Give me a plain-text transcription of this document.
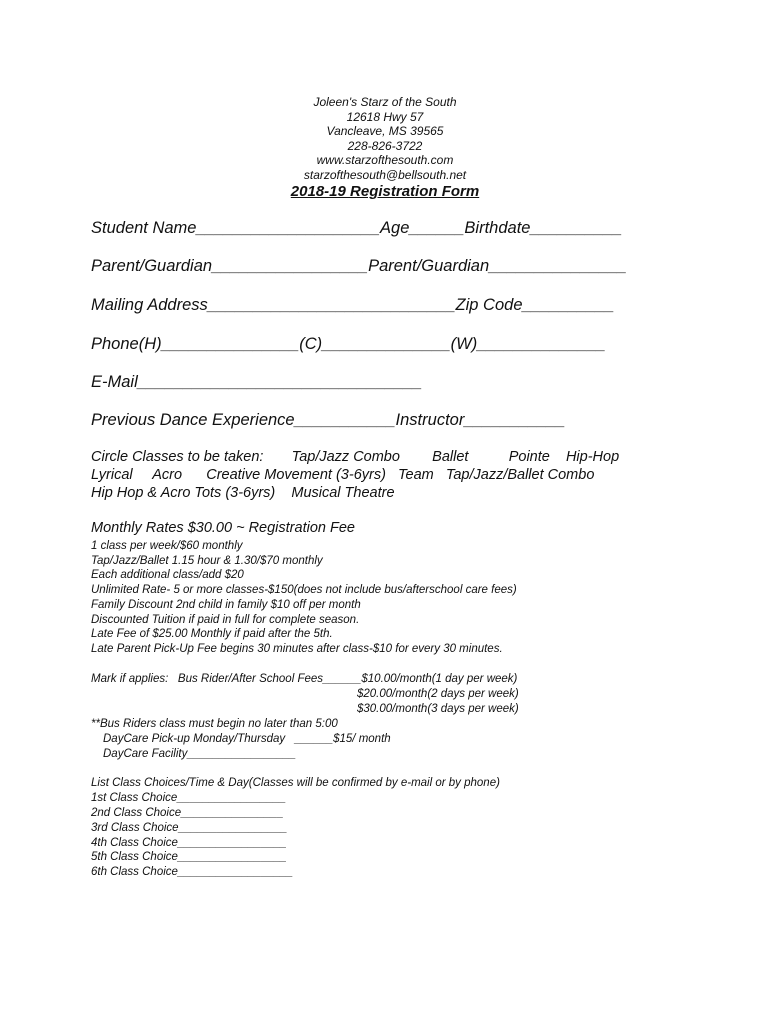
Joleen's Starz of the South
12618 Hwy 57
Vancleave, MS 39565
228-826-3722
www.starzofthesouth.com
starzofthesouth@bellsouth.net
2018-19 Registration Form
Student Name____________________Age______Birthdate__________
Parent/Guardian_________________Parent/Guardian_______________
Mailing Address___________________________Zip Code__________
Phone(H)_______________(C)______________(W)______________
E-Mail_______________________________
Previous Dance Experience___________Instructor___________
Circle Classes to be taken:       Tap/Jazz Combo        Ballet          Pointe    Hip-Hop
Lyrical     Acro      Creative Movement (3-6yrs)   Team   Tap/Jazz/Ballet Combo
Hip Hop & Acro Tots (3-6yrs)    Musical Theatre
Monthly Rates $30.00 ~ Registration Fee
1 class per week/$60 monthly
Tap/Jazz/Ballet 1.15 hour & 1.30/$70 monthly
Each additional class/add $20
Unlimited Rate- 5 or more classes-$150(does not include bus/afterschool care fees)
Family Discount 2nd child in family $10 off per month
Discounted Tuition if paid in full for complete season.
Late Fee of $25.00 Monthly if paid after the 5th.
Late Parent Pick-Up Fee begins 30 minutes after class-$10 for every 30 minutes.
Mark if applies:   Bus Rider/After School Fees______$10.00/month(1 day per week)
$20.00/month(2 days per week)
$30.00/month(3 days per week)
**Bus Riders class must begin no later than 5:00
DayCare Pick-up Monday/Thursday   ______$15/ month
DayCare Facility_________________
List Class Choices/Time & Day(Classes will be confirmed by e-mail or by phone)
1st Class Choice_________________
2nd Class Choice________________
3rd Class Choice_________________
4th Class Choice_________________
5th Class Choice_________________
6th Class Choice__________________
